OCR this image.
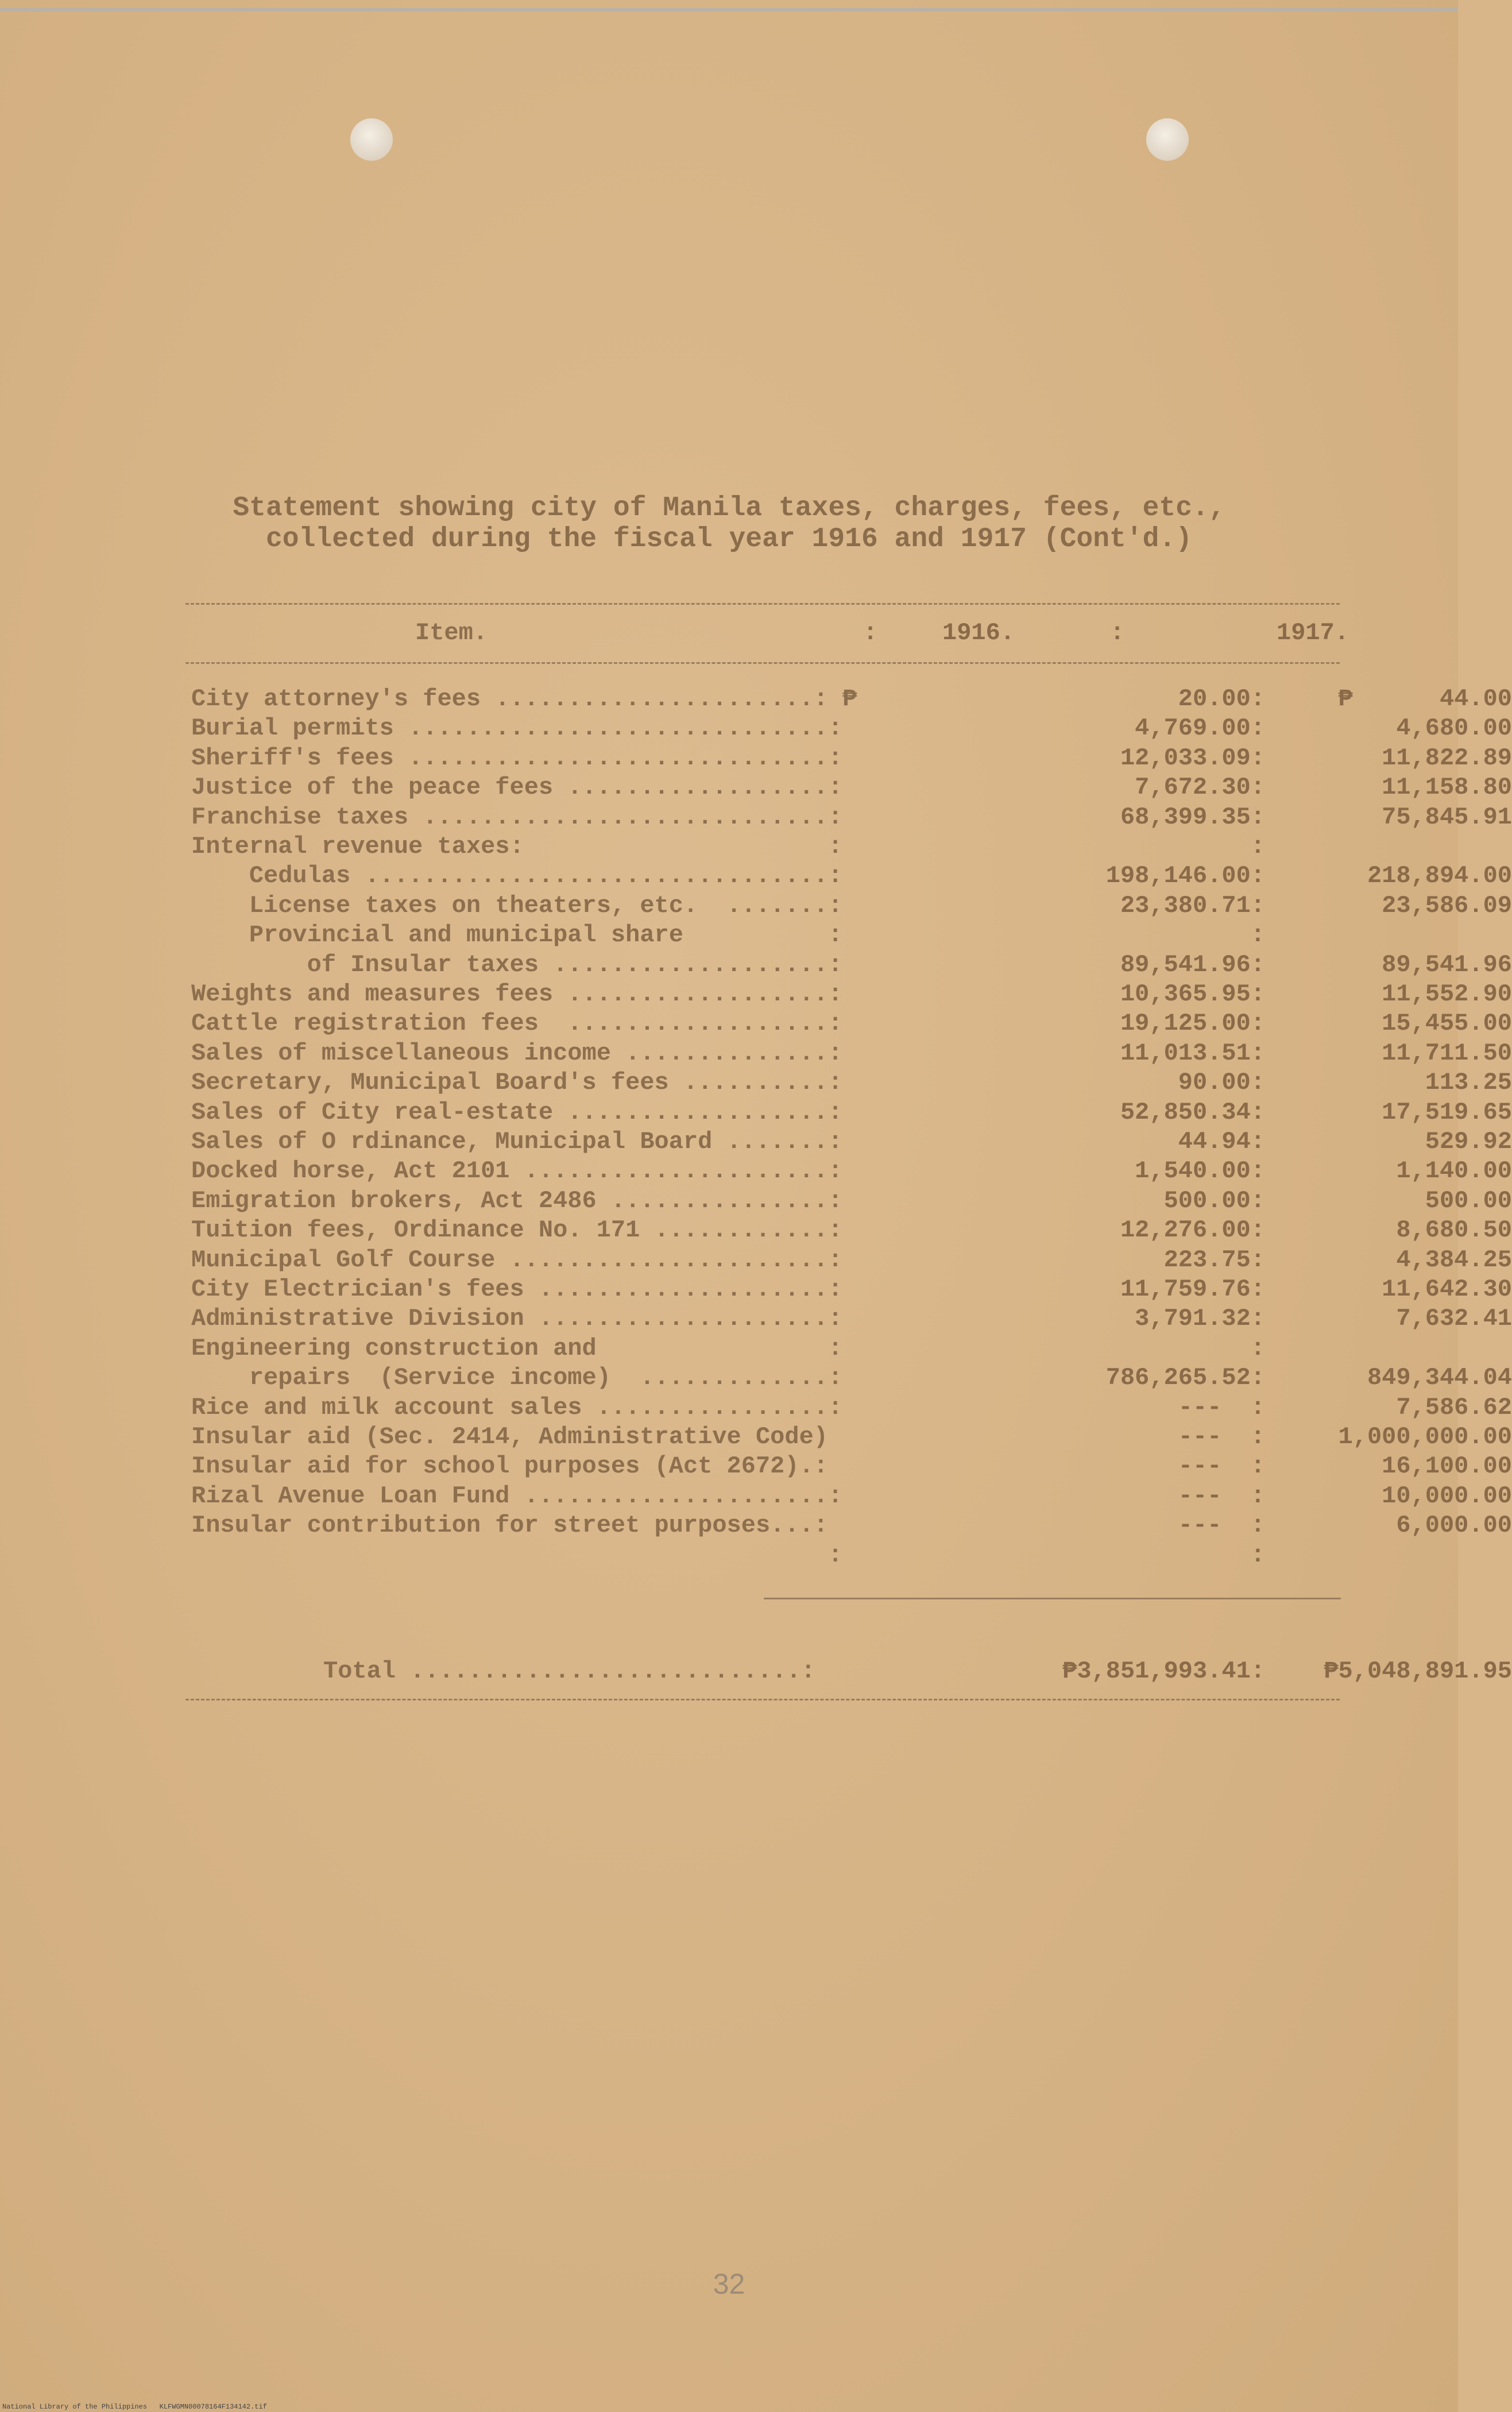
Statement showing city of Manila taxes, charges, fees, etc.,
collected during the fiscal year 1916 and 1917 (Cont'd.)
Item.	:	1916.	:	1917.
City attorney's fees ......................: ₱	20.00:	₱      44.00
Burial permits .............................:	4,769.00:	4,680.00
Sheriff's fees .............................:	12,033.09:	11,822.89
Justice of the peace fees ..................:	7,672.30:	11,158.80
Franchise taxes ............................:	68,399.35:	75,845.91
Internal revenue taxes:                     :	:
Cedulas ................................:	198,146.00:	218,894.00
License taxes on theaters, etc.  .......:	23,380.71:	23,586.09
Provincial and municipal share          :	:
of Insular taxes ...................:	89,541.96:	89,541.96
Weights and measures fees ..................:	10,365.95:	11,552.90
Cattle registration fees  ..................:	19,125.00:	15,455.00
Sales of miscellaneous income ..............:	11,013.51:	11,711.50
Secretary, Municipal Board's fees ..........:	90.00:	113.25
Sales of City real-estate ..................:	52,850.34:	17,519.65
Sales of O rdinance, Municipal Board .......:	44.94:	529.92
Docked horse, Act 2101 .....................:	1,540.00:	1,140.00
Emigration brokers, Act 2486 ...............:	500.00:	500.00
Tuition fees, Ordinance No. 171 ............:	12,276.00:	8,680.50
Municipal Golf Course ......................:	223.75:	4,384.25
City Electrician's fees ....................:	11,759.76:	11,642.30
Administrative Division ....................:	3,791.32:	7,632.41
Engineering construction and                :	:
repairs  (Service income)  .............:	786,265.52:	849,344.04
Rice and milk account sales ................:	---  :	7,586.62
Insular aid (Sec. 2414, Administrative Code)	---  :	1,000,000.00
Insular aid for school purposes (Act 2672).:	---  :	16,100.00
Rizal Avenue Loan Fund .....................:	---  :	10,000.00
Insular contribution for street purposes...:	---  :	6,000.00
:	:
Total ...........................:	₱3,851,993.41:	₱5,048,891.95
32
National Library of the Philippines   KLFWGMN00078164F134142.tif
